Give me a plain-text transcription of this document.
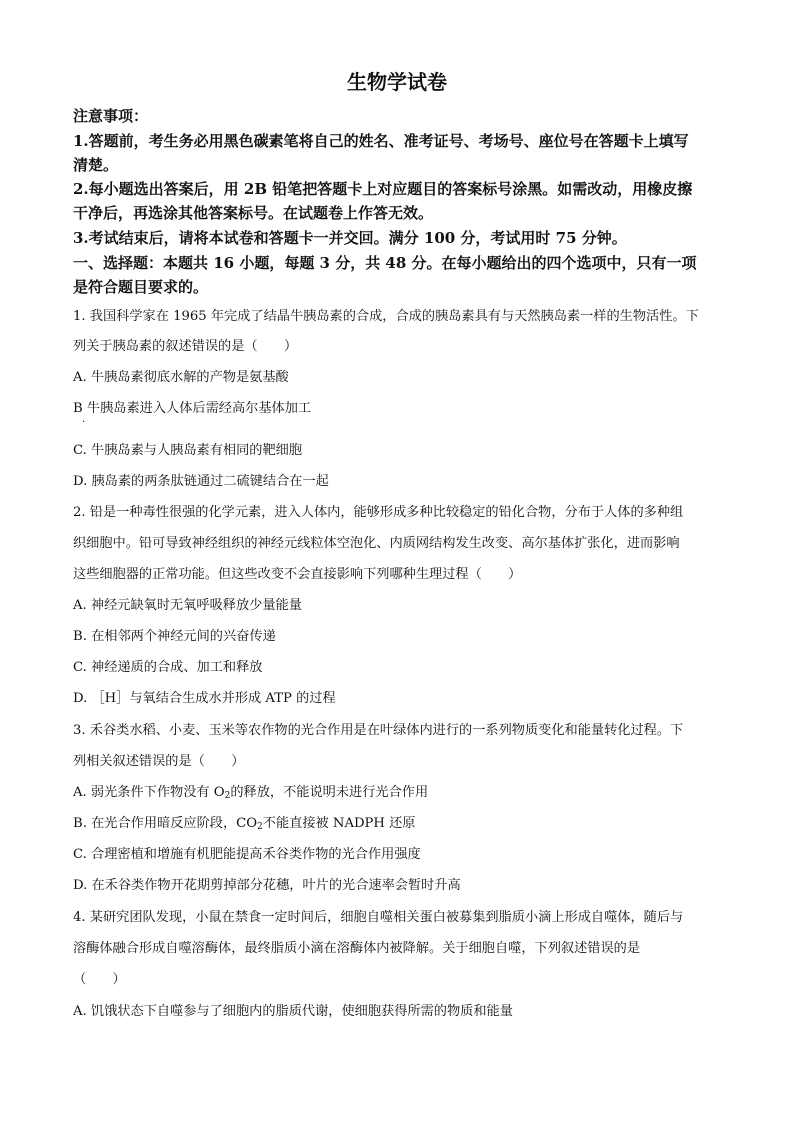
生物学试卷
注意事项：
1.答题前，考生务必用黑色碳素笔将自己的姓名、准考证号、考场号、座位号在答题卡上填写
清楚。
2.每小题选出答案后，用 2B 铅笔把答题卡上对应题目的答案标号涂黑。如需改动，用橡皮擦
干净后，再选涂其他答案标号。在试题卷上作答无效。
3.考试结束后，请将本试卷和答题卡一并交回。满分 100 分，考试用时 75 分钟。
一、选择题：本题共 16 小题，每题 3 分，共 48 分。在每小题给出的四个选项中，只有一项
是符合题目要求的。
1. 我国科学家在 1965 年完成了结晶牛胰岛素的合成，合成的胰岛素具有与天然胰岛素一样的生物活性。下
列关于胰岛素的叙述错误的是（　　）
A. 牛胰岛素彻底水解的产物是氨基酸
B 牛胰岛素进入人体后需经高尔基体加工
·
C. 牛胰岛素与人胰岛素有相同的靶细胞
D. 胰岛素的两条肽链通过二硫键结合在一起
2. 铅是一种毒性很强的化学元素，进入人体内，能够形成多种比较稳定的铅化合物，分布于人体的多种组
织细胞中。铅可导致神经组织的神经元线粒体空泡化、内质网结构发生改变、高尔基体扩张化，进而影响
这些细胞器的正常功能。但这些改变不会直接影响下列哪种生理过程（　　）
A. 神经元缺氧时无氧呼吸释放少量能量
B. 在相邻两个神经元间的兴奋传递
C. 神经递质的合成、加工和释放
D. ［H］与氧结合生成水并形成 ATP 的过程
3. 禾谷类水稻、小麦、玉米等农作物的光合作用是在叶绿体内进行的一系列物质变化和能量转化过程。下
列相关叙述错误的是（　　）
A. 弱光条件下作物没有 $O_2$的释放，不能说明未进行光合作用
B. 在光合作用暗反应阶段，$CO_2$不能直接被 NADPH 还原
C. 合理密植和增施有机肥能提高禾谷类作物的光合作用强度
D. 在禾谷类作物开花期剪掉部分花穗，叶片的光合速率会暂时升高
4. 某研究团队发现，小鼠在禁食一定时间后，细胞自噬相关蛋白被募集到脂质小滴上形成自噬体，随后与
溶酶体融合形成自噬溶酶体，最终脂质小滴在溶酶体内被降解。关于细胞自噬，下列叙述错误的是
（　　）
A. 饥饿状态下自噬参与了细胞内的脂质代谢，使细胞获得所需的物质和能量
